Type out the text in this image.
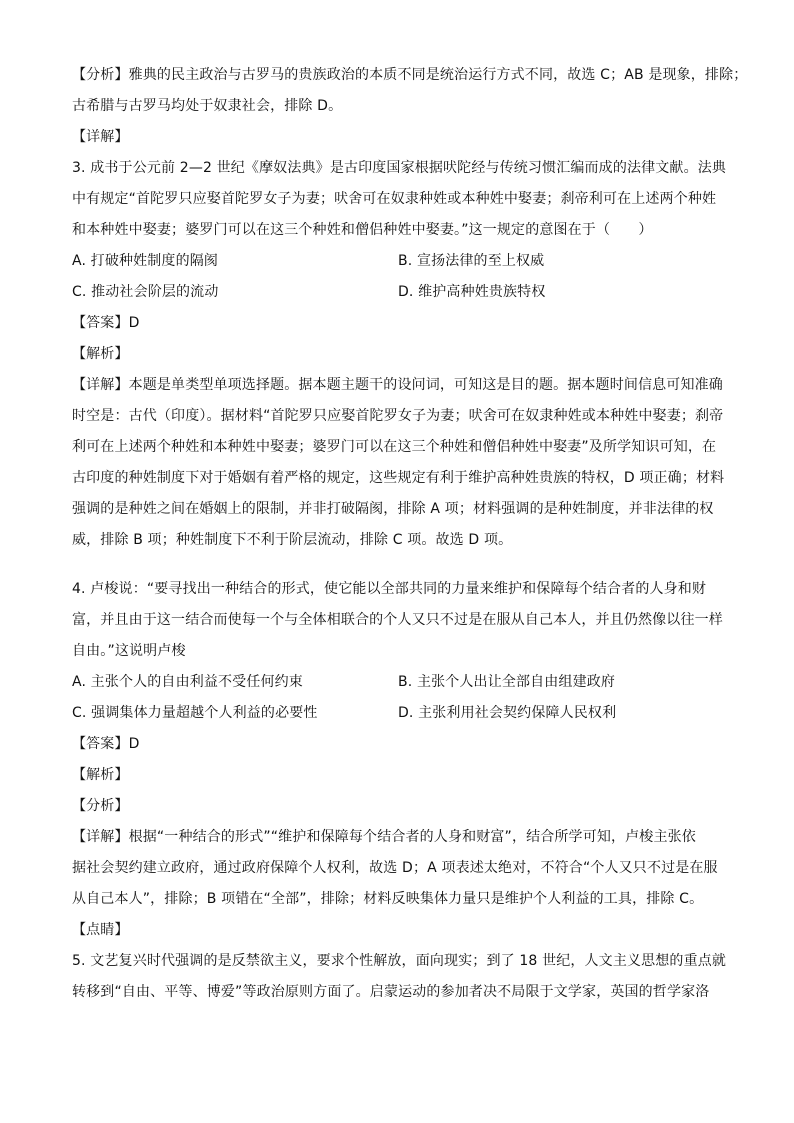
【分析】雅典的民主政治与古罗马的贵族政治的本质不同是统治运行方式不同，故选 C；AB 是现象，排除；
古希腊与古罗马均处于奴隶社会，排除 D。
【详解】
3. 成书于公元前 2—2 世纪《摩奴法典》是古印度国家根据吠陀经与传统习惯汇编而成的法律文献。法典
中有规定“首陀罗只应娶首陀罗女子为妻；吠舍可在奴隶种姓或本种姓中娶妻；刹帝利可在上述两个种姓
和本种姓中娶妻；婆罗门可以在这三个种姓和僧侣种姓中娶妻。”这一规定的意图在于（　　）
A. 打破种姓制度的隔阂	B. 宣扬法律的至上权威
C. 推动社会阶层的流动	D. 维护高种姓贵族特权
【答案】D
【解析】
【详解】本题是单类型单项选择题。据本题主题干的设问词，可知这是目的题。据本题时间信息可知准确
时空是：古代（印度）。据材料“首陀罗只应娶首陀罗女子为妻；吠舍可在奴隶种姓或本种姓中娶妻；刹帝
利可在上述两个种姓和本种姓中娶妻；婆罗门可以在这三个种姓和僧侣种姓中娶妻”及所学知识可知，在
古印度的种姓制度下对于婚姻有着严格的规定，这些规定有利于维护高种姓贵族的特权，D 项正确；材料
强调的是种姓之间在婚姻上的限制，并非打破隔阂，排除 A 项；材料强调的是种姓制度，并非法律的权
威，排除 B 项；种姓制度下不利于阶层流动，排除 C 项。故选 D 项。
4. 卢梭说：“要寻找出一种结合的形式，使它能以全部共同的力量来维护和保障每个结合者的人身和财
富，并且由于这一结合而使每一个与全体相联合的个人又只不过是在服从自己本人，并且仍然像以往一样
自由。”这说明卢梭
A. 主张个人的自由利益不受任何约束	B. 主张个人出让全部自由组建政府
C. 强调集体力量超越个人利益的必要性	D. 主张利用社会契约保障人民权利
【答案】D
【解析】
【分析】
【详解】根据“一种结合的形式”“维护和保障每个结合者的人身和财富”，结合所学可知，卢梭主张依
据社会契约建立政府，通过政府保障个人权利，故选 D；A 项表述太绝对，不符合“个人又只不过是在服
从自己本人”，排除；B 项错在“全部”，排除；材料反映集体力量只是维护个人利益的工具，排除 C。
【点睛】
5. 文艺复兴时代强调的是反禁欲主义，要求个性解放，面向现实；到了 18 世纪，人文主义思想的重点就
转移到“自由、平等、博爱”等政治原则方面了。启蒙运动的参加者决不局限于文学家，英国的哲学家洛
